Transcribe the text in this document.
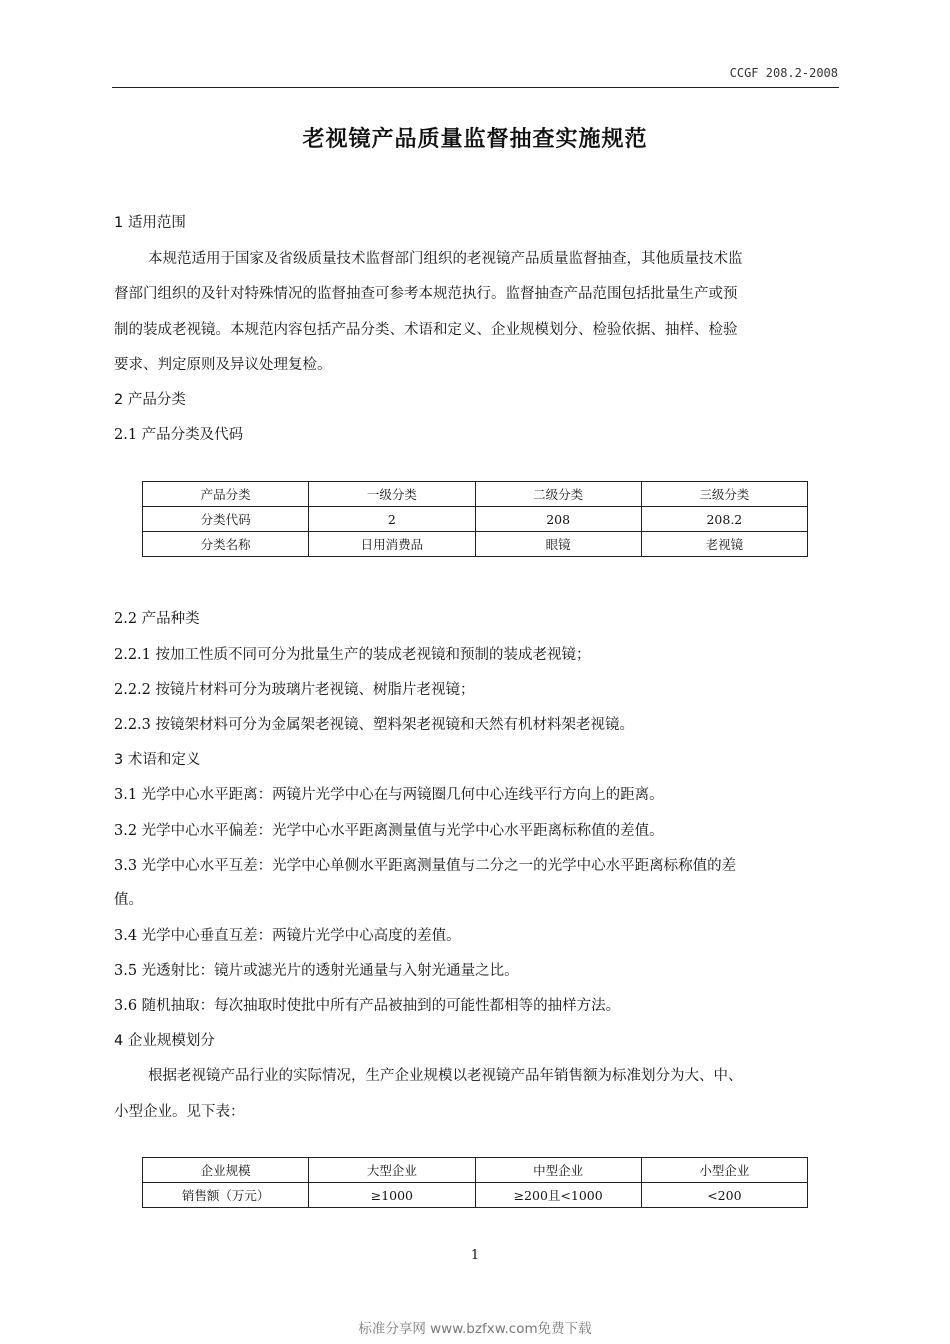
CCGF 208.2-2008
老视镜产品质量监督抽查实施规范
1 适用范围
本规范适用于国家及省级质量技术监督部门组织的老视镜产品质量监督抽查，其他质量技术监
督部门组织的及针对特殊情况的监督抽查可参考本规范执行。监督抽查产品范围包括批量生产或预
制的装成老视镜。本规范内容包括产品分类、术语和定义、企业规模划分、检验依据、抽样、检验
要求、判定原则及异议处理复检。
2 产品分类
2.1 产品分类及代码
产品分类	一级分类	二级分类	三级分类
分类代码	2	208	208.2
分类名称	日用消费品	眼镜	老视镜
2.2 产品种类
2.2.1 按加工性质不同可分为批量生产的装成老视镜和预制的装成老视镜；
2.2.2 按镜片材料可分为玻璃片老视镜、树脂片老视镜；
2.2.3 按镜架材料可分为金属架老视镜、塑料架老视镜和天然有机材料架老视镜。
3 术语和定义
3.1 光学中心水平距离：两镜片光学中心在与两镜圈几何中心连线平行方向上的距离。
3.2 光学中心水平偏差：光学中心水平距离测量值与光学中心水平距离标称值的差值。
3.3 光学中心水平互差：光学中心单侧水平距离测量值与二分之一的光学中心水平距离标称值的差
值。
3.4 光学中心垂直互差：两镜片光学中心高度的差值。
3.5 光透射比：镜片或滤光片的透射光通量与入射光通量之比。
3.6 随机抽取：每次抽取时使批中所有产品被抽到的可能性都相等的抽样方法。
4 企业规模划分
根据老视镜产品行业的实际情况，生产企业规模以老视镜产品年销售额为标准划分为大、中、
小型企业。见下表：
企业规模	大型企业	中型企业	小型企业
销售额（万元）	≥1000	≥200且<1000	<200
1
标准分享网 www.bzfxw.com免费下载
